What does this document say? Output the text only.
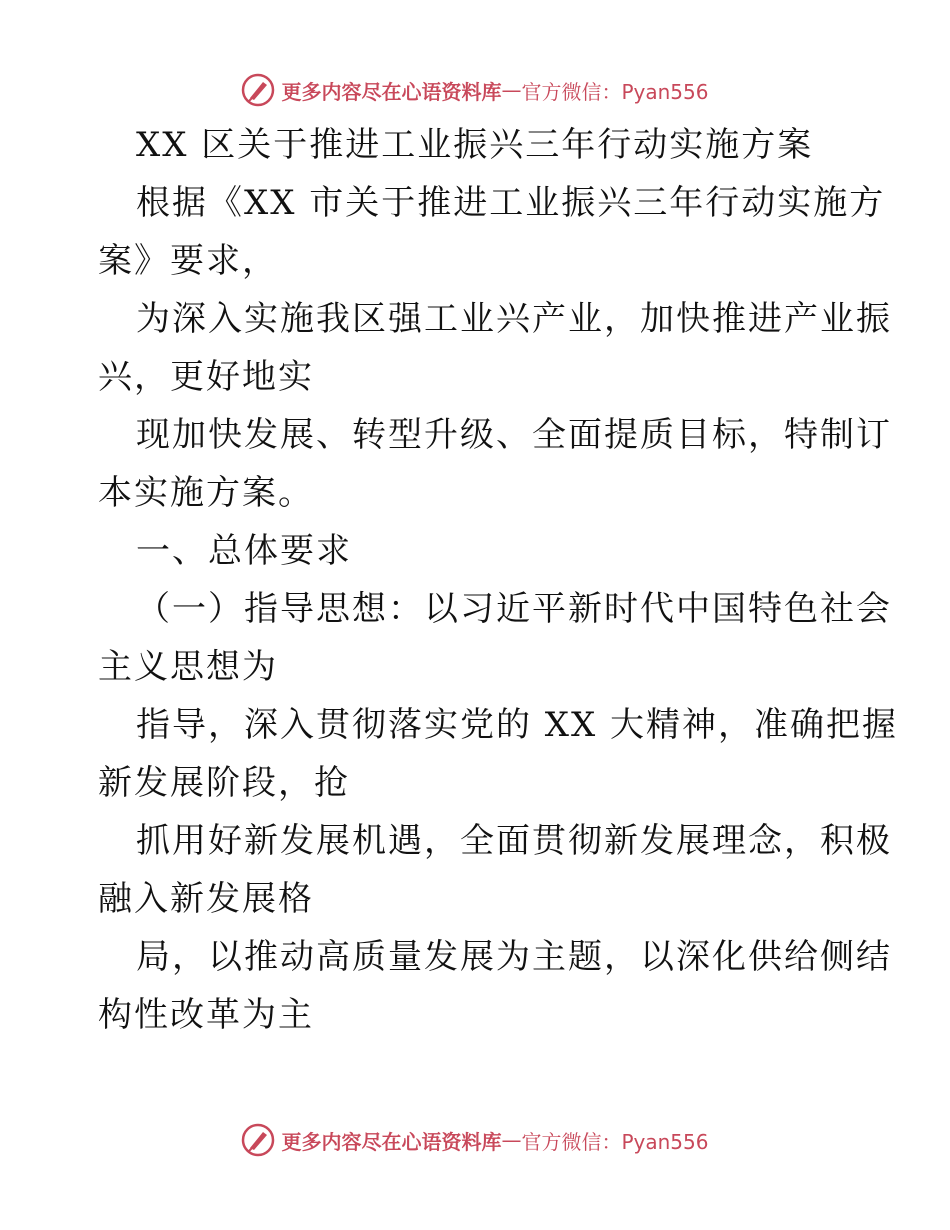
更多内容尽在心语资料库 — 官方微信：Pyan556
XX 区关于推进工业振兴三年行动实施方案
根据《XX 市关于推进工业振兴三年行动实施方
案》要求，
为深入实施我区强工业兴产业，加快推进产业振
兴，更好地实
现加快发展、转型升级、全面提质目标，特制订
本实施方案。
一、总体要求
（一）指导思想：以习近平新时代中国特色社会
主义思想为
指导，深入贯彻落实党的 XX 大精神，准确把握
新发展阶段，抢
抓用好新发展机遇，全面贯彻新发展理念，积极
融入新发展格
局，以推动高质量发展为主题，以深化供给侧结
构性改革为主
更多内容尽在心语资料库 — 官方微信：Pyan556
